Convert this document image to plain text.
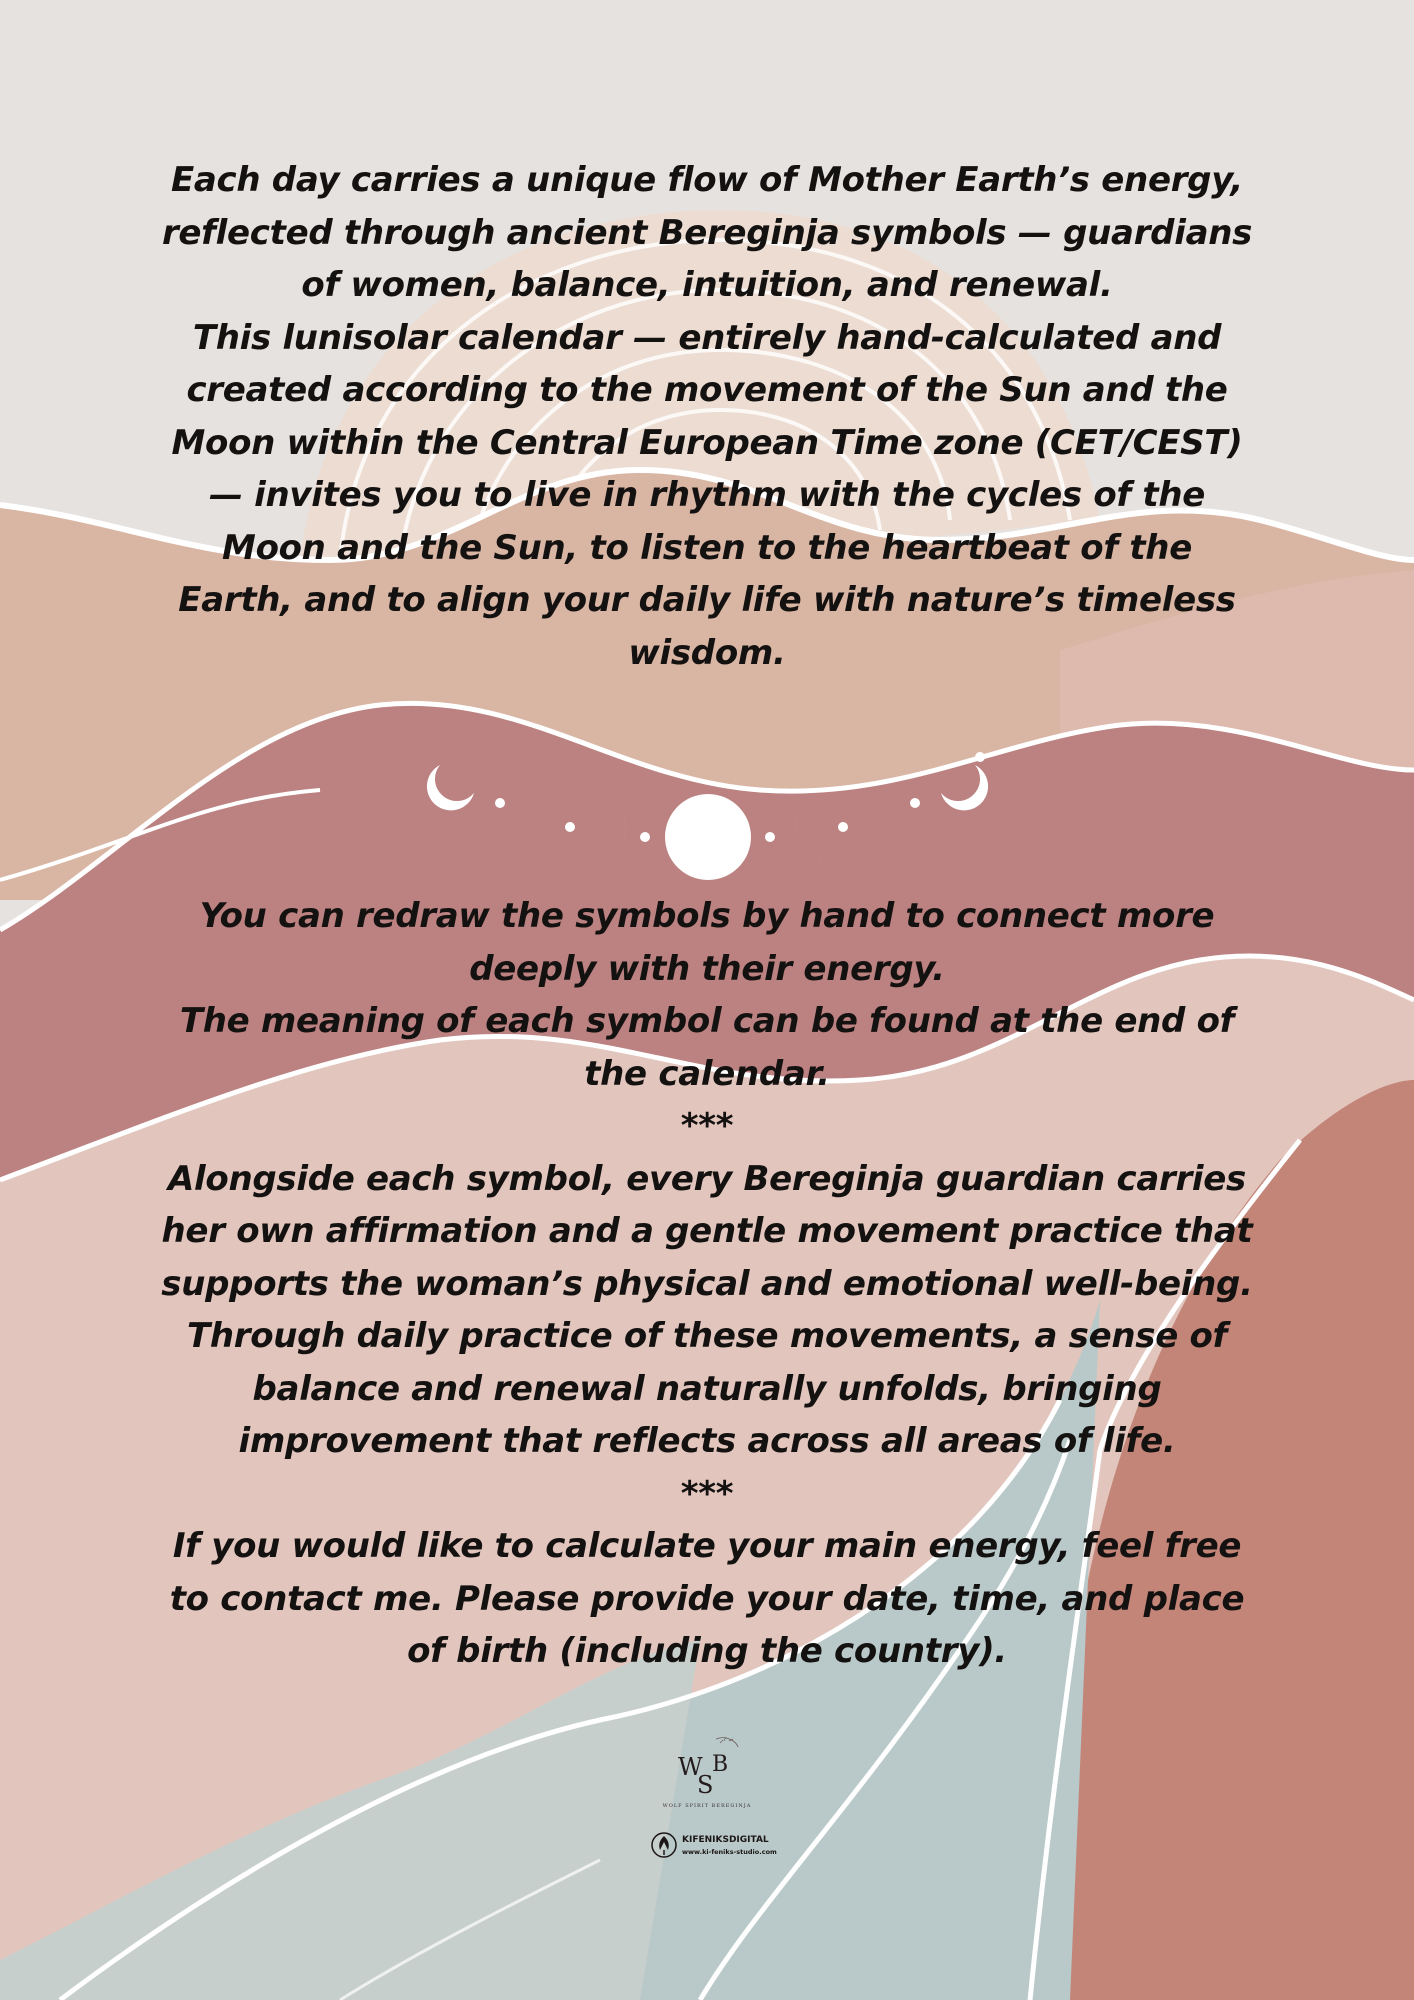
Each day carries a unique flow of Mother Earth’s energy, reflected through ancient Bereginja symbols — guardians of women, balance, intuition, and renewal.
This lunisolar calendar — entirely hand-calculated and created according to the movement of the Sun and the Moon within the Central European Time zone (CET/CEST) — invites you to live in rhythm with the cycles of the Moon and the Sun, to listen to the heartbeat of the Earth, and to align your daily life with nature’s timeless wisdom.

You can redraw the symbols by hand to connect more deeply with their energy.
The meaning of each symbol can be found at the end of the calendar.
***
Alongside each symbol, every Bereginja guardian carries her own affirmation and a gentle movement practice that supports the woman’s physical and emotional well-being. Through daily practice of these movements, a sense of balance and renewal naturally unfolds, bringing improvement that reflects across all areas of life.
***
If you would like to calculate your main energy, feel free to contact me. Please provide your date, time, and place of birth (including the country).

W
S
B
WOLF SPIRIT BEREGINJA
KIFENIKSDIGITAL
www.ki-feniks-studio.com
